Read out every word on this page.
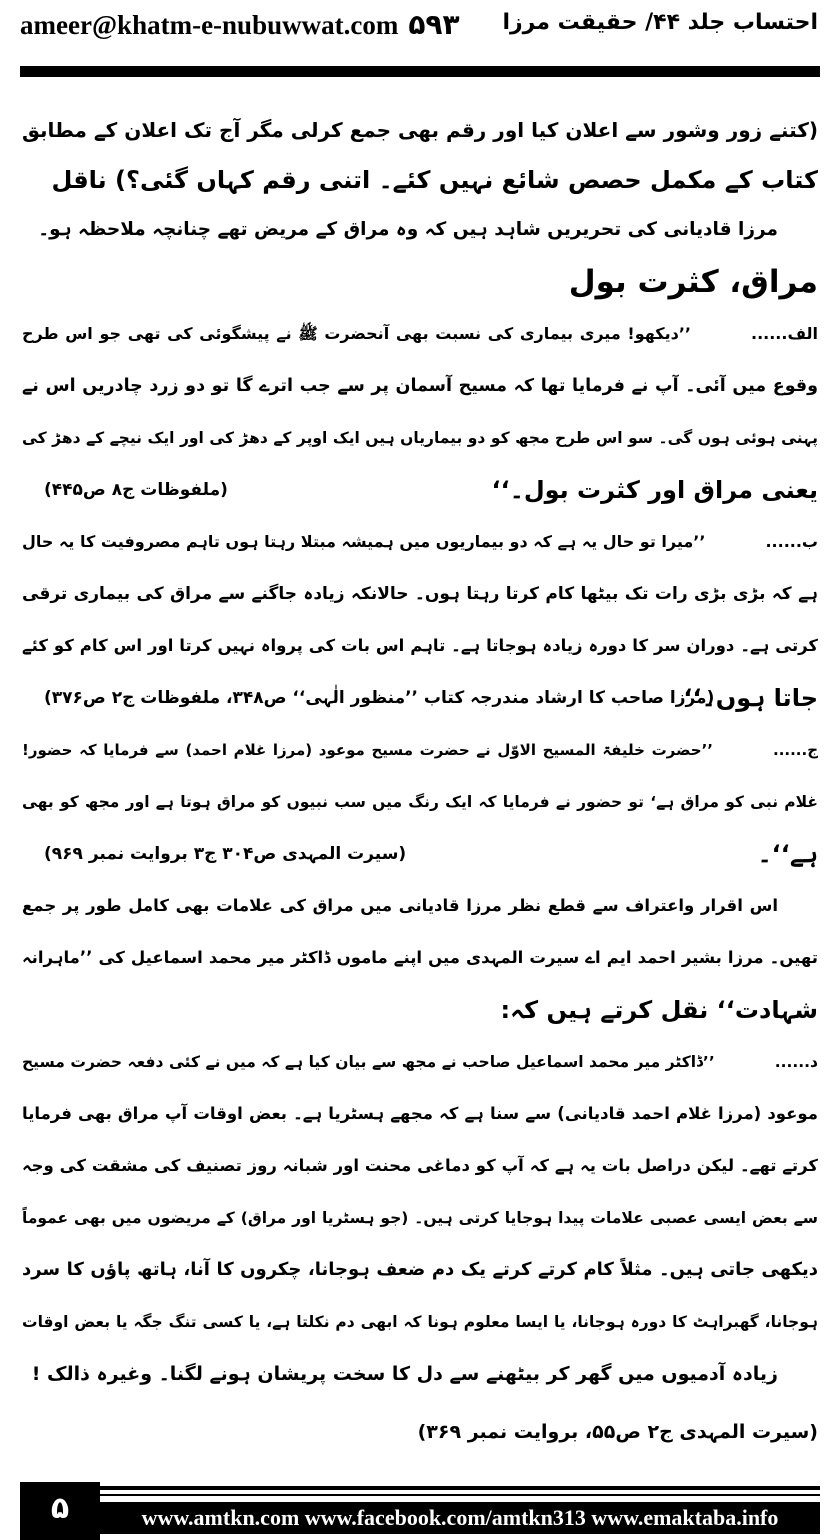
ameer@khatm-e-nubuwwat.com ۵۹۳ احتساب جلد ۴۴/ حقیقت مرزا
(کتنے زور وشور سے اعلان کیا اور رقم بھی جمع کرلی مگر آج تک اعلان کے مطابق
کتاب کے مکمل حصص شائع نہیں کئے۔ اتنی رقم کہاں گئی؟) ناقل
مرزا قادیانی کی تحریریں شاہد ہیں کہ وہ مراق کے مریض تھے چنانچہ ملاحظہ ہو۔
مراق، کثرت بول
الف......’’دیکھو! میری بیماری کی نسبت بھی آنحضرت ﷺ نے پیشگوئی کی تھی جو اس طرح
وقوع میں آئی۔ آپ نے فرمایا تھا کہ مسیح آسمان پر سے جب اترے گا تو دو زرد چادریں اس نے
پہنی ہوئی ہوں گی۔ سو اس طرح مجھ کو دو بیماریاں ہیں ایک اوپر کے دھڑ کی اور ایک نیچے کے دھڑ کی
یعنی مراق اور کثرت بول۔‘‘
(ملفوظات ج۸ ص۴۴۵)
ب......’’میرا تو حال یہ ہے کہ دو بیماریوں میں ہمیشہ مبتلا رہتا ہوں تاہم مصروفیت کا یہ حال
ہے کہ بڑی بڑی رات تک بیٹھا کام کرتا رہتا ہوں۔ حالانکہ زیادہ جاگنے سے مراق کی بیماری ترقی
کرتی ہے۔ دوران سر کا دورہ زیادہ ہوجاتا ہے۔ تاہم اس بات کی پرواہ نہیں کرتا اور اس کام کو کئے
جاتا ہوں۔‘‘
(مرزا صاحب کا ارشاد مندرجہ کتاب ’’منظور الٰہی‘‘ ص۳۴۸، ملفوظات ج۲ ص۳۷۶)
ج......’’حضرت خلیفۃ المسیح الاوّل نے حضرت مسیح موعود (مرزا غلام احمد) سے فرمایا کہ حضور!
غلام نبی کو مراق ہے‘ تو حضور نے فرمایا کہ ایک رنگ میں سب نبیوں کو مراق ہوتا ہے اور مجھ کو بھی
ہے‘‘۔
(سیرت المہدی ص۳۰۴ ج۳ بروایت نمبر ۹۶۹)
اس اقرار واعتراف سے قطع نظر مرزا قادیانی میں مراق کی علامات بھی کامل طور پر جمع
تھیں۔ مرزا بشیر احمد ایم اے سیرت المہدی میں اپنے ماموں ڈاکٹر میر محمد اسماعیل کی ’’ماہرانہ
شہادت‘‘ نقل کرتے ہیں کہ:
د......’’ڈاکٹر میر محمد اسماعیل صاحب نے مجھ سے بیان کیا ہے کہ میں نے کئی دفعہ حضرت مسیح
موعود (مرزا غلام احمد قادیانی) سے سنا ہے کہ مجھے ہسٹریا ہے۔ بعض اوقات آپ مراق بھی فرمایا
کرتے تھے۔ لیکن دراصل بات یہ ہے کہ آپ کو دماغی محنت اور شبانہ روز تصنیف کی مشقت کی وجہ
سے بعض ایسی عصبی علامات پیدا ہوجایا کرتی ہیں۔ (جو ہسٹریا اور مراق) کے مریضوں میں بھی عموماً
دیکھی جاتی ہیں۔ مثلاً کام کرتے کرتے یک دم ضعف ہوجانا، چکروں کا آنا، ہاتھ پاؤں کا سرد
ہوجانا، گھبراہٹ کا دورہ ہوجانا، یا ایسا معلوم ہونا کہ ابھی دم نکلتا ہے، یا کسی تنگ جگہ یا بعض اوقات
زیادہ آدمیوں میں گھر کر بیٹھنے سے دل کا سخت پریشان ہونے لگنا۔ وغیرہ ذالک !
(سیرت المہدی ج۲ ص۵۵، بروایت نمبر ۳۶۹)
۵	www.amtkn.com www.facebook.com/amtkn313 www.emaktaba.info
